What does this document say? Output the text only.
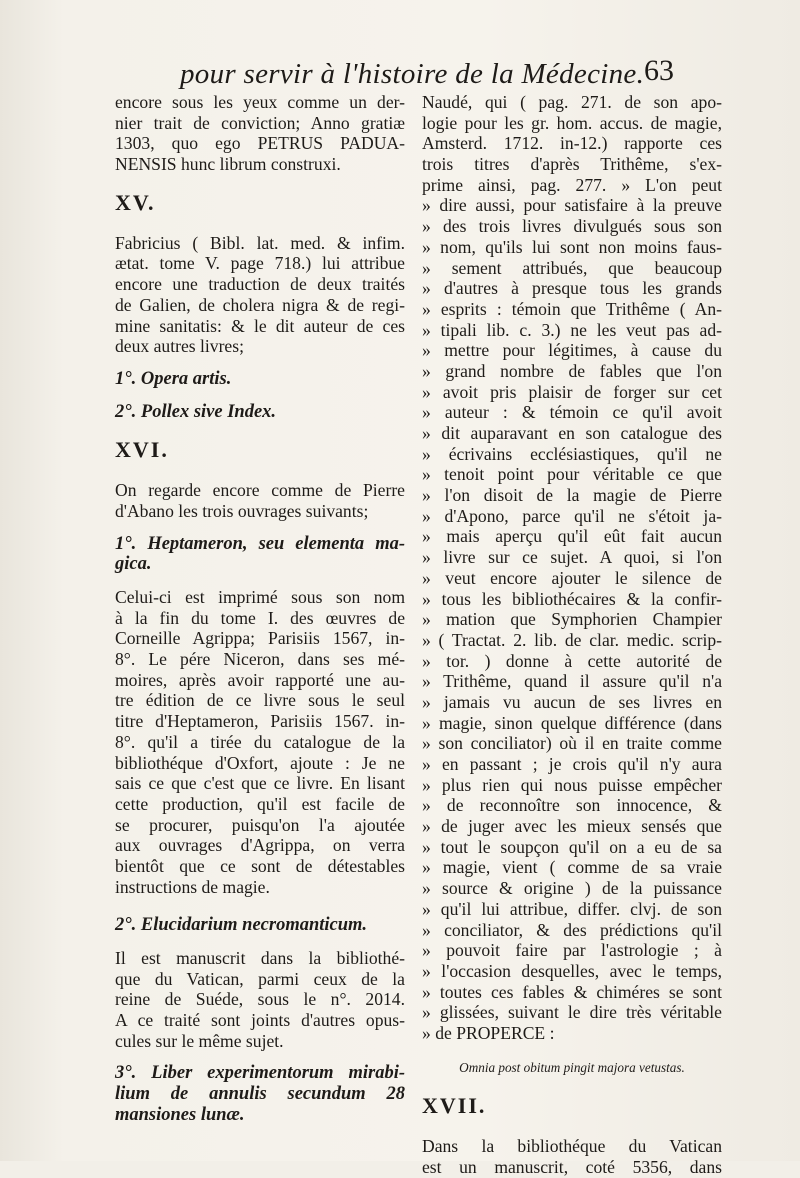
pour servir à l'histoire de la Médecine. 63
encore sous les yeux comme un der-
nier trait de conviction; Anno gratiæ
1303, quo ego PETRUS PADUA-
NENSIS hunc librum construxi.
XV.
Fabricius ( Bibl. lat. med. & infim.
ætat. tome V. page 718.) lui attribue
encore une traduction de deux traités
de Galien, de cholera nigra & de regi-
mine sanitatis: & le dit auteur de ces
deux autres livres;
1°. Opera artis.
2°. Pollex sive Index.
XVI.
On regarde encore comme de Pierre
d'Abano les trois ouvrages suivants;
1°. Heptameron, seu elementa ma-
gica.
Celui-ci est imprimé sous son nom
à la fin du tome I. des œuvres de
Corneille Agrippa; Parisiis 1567, in-
8°. Le pére Niceron, dans ses mé-
moires, après avoir rapporté une au-
tre édition de ce livre sous le seul
titre d'Heptameron, Parisiis 1567. in-
8°. qu'il a tirée du catalogue de la
bibliothéque d'Oxfort, ajoute : Je ne
sais ce que c'est que ce livre. En lisant
cette production, qu'il est facile de
se procurer, puisqu'on l'a ajoutée
aux ouvrages d'Agrippa, on verra
bientôt que ce sont de détestables
instructions de magie.
2°. Elucidarium necromanticum.
Il est manuscrit dans la bibliothé-
que du Vatican, parmi ceux de la
reine de Suéde, sous le n°. 2014.
A ce traité sont joints d'autres opus-
cules sur le même sujet.
3°. Liber experimentorum mirabi-
lium de annulis secundum 28
mansiones lunæ.
Naudé, qui ( pag. 271. de son apo-
logie pour les gr. hom. accus. de magie,
Amsterd. 1712. in-12.) rapporte ces
trois titres d'après Trithême, s'ex-
prime ainsi, pag. 277. » L'on peut
» dire aussi, pour satisfaire à la preuve
» des trois livres divulgués sous son
» nom, qu'ils lui sont non moins faus-
» sement attribués, que beaucoup
» d'autres à presque tous les grands
» esprits : témoin que Trithême ( An-
» tipali lib. c. 3.) ne les veut pas ad-
» mettre pour légitimes, à cause du
» grand nombre de fables que l'on
» avoit pris plaisir de forger sur cet
» auteur : & témoin ce qu'il avoit
» dit auparavant en son catalogue des
» écrivains ecclésiastiques, qu'il ne
» tenoit point pour véritable ce que
» l'on disoit de la magie de Pierre
» d'Apono, parce qu'il ne s'étoit ja-
» mais aperçu qu'il eût fait aucun
» livre sur ce sujet. A quoi, si l'on
» veut encore ajouter le silence de
» tous les bibliothécaires & la confir-
» mation que Symphorien Champier
» ( Tractat. 2. lib. de clar. medic. scrip-
» tor. ) donne à cette autorité de
» Trithême, quand il assure qu'il n'a
» jamais vu aucun de ses livres en
» magie, sinon quelque différence (dans
» son conciliator) où il en traite comme
» en passant ; je crois qu'il n'y aura
» plus rien qui nous puisse empêcher
» de reconnoître son innocence, &
» de juger avec les mieux sensés que
» tout le soupçon qu'il on a eu de sa
» magie, vient ( comme de sa vraie
» source & origine ) de la puissance
» qu'il lui attribue, differ. clvj. de son
» conciliator, & des prédictions qu'il
» pouvoit faire par l'astrologie ; à
» l'occasion desquelles, avec le temps,
» toutes ces fables & chiméres se sont
» glissées, suivant le dire très véritable
» de PROPERCE :
Omnia post obitum pingit majora vetustas.
XVII.
Dans la bibliothéque du Vatican
est un manuscrit, coté 5356, dans
